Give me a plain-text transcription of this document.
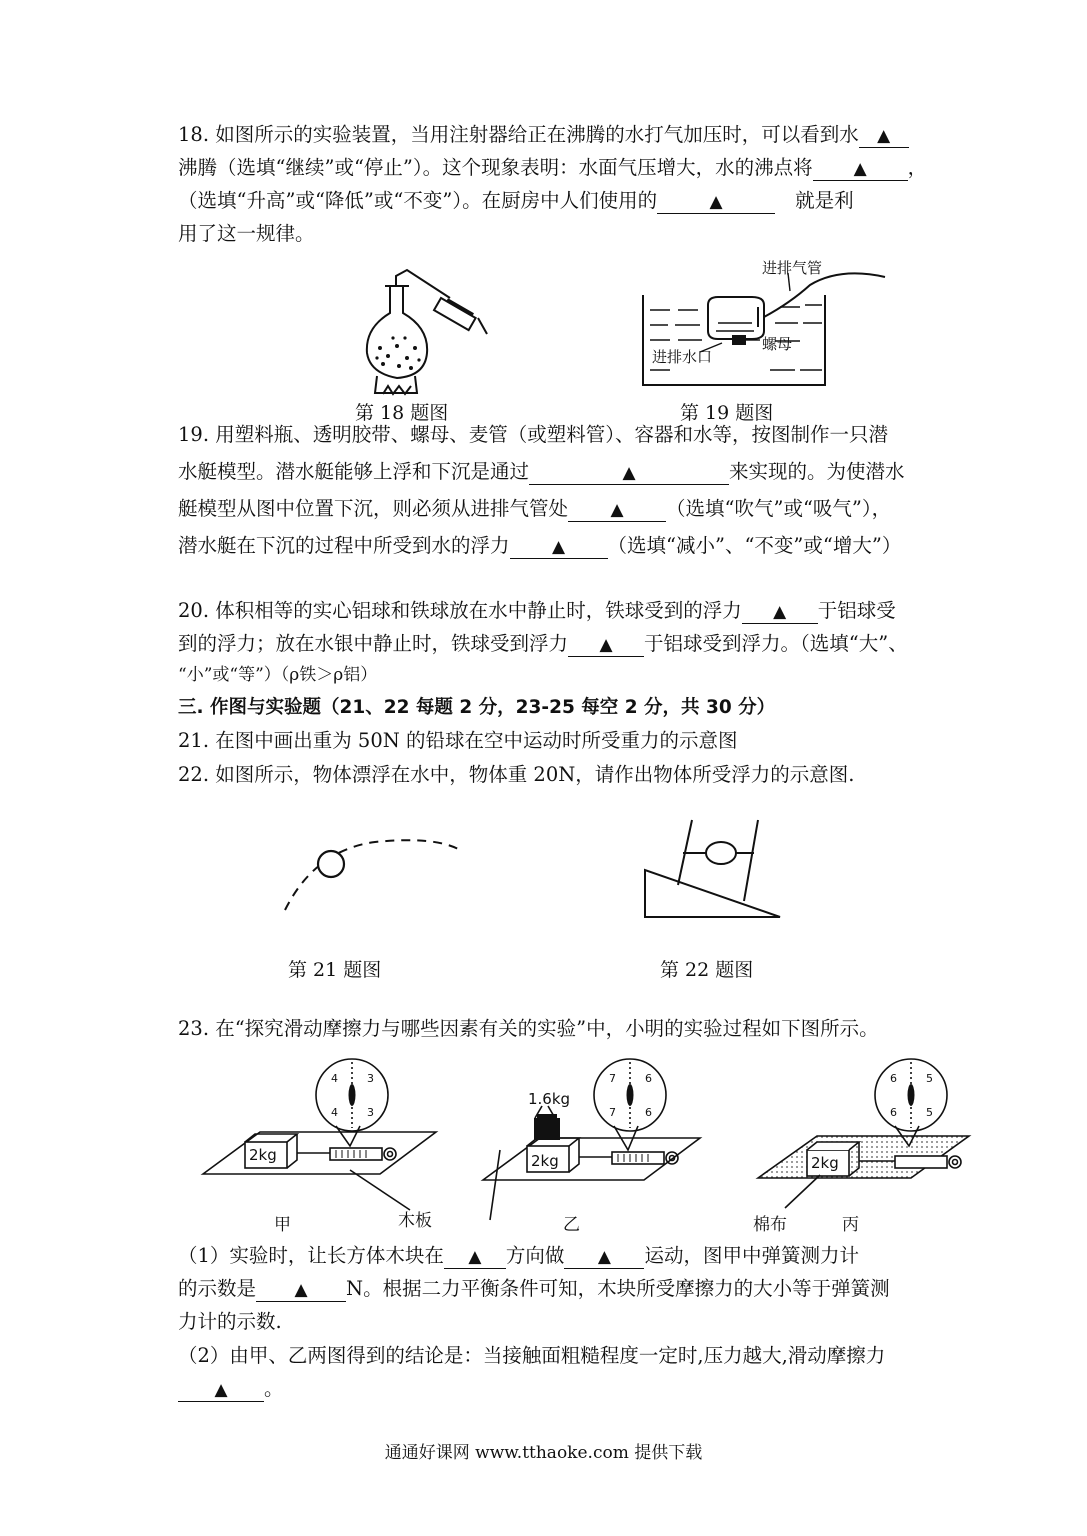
18. 如图所示的实验装置，当用注射器给正在沸腾的水打气加压时，可以看到水 ▲
沸腾（选填“继续”或“停止”）。这个现象表明：水面气压增大，水的沸点将 ▲ ，
（选填“升高”或“降低”或“不变”）。在厨房中人们使用的	▲	就是利
用了这一规律。
第 18 题图
进排气管
进排水口
螺母
第 19 题图
19. 用塑料瓶、透明胶带、螺母、麦管（或塑料管）、容器和水等，按图制作一只潜
水艇模型。潜水艇能够上浮和下沉是通过	▲	来实现的。为使潜水
艇模型从图中位置下沉，则必须从进排气管处 ▲ （选填“吹气”或“吸气”），
潜水艇在下沉的过程中所受到水的浮力 ▲ （选填“减小”、“不变”或“增大”）
20. 体积相等的实心铝球和铁球放在水中静止时，铁球受到的浮力 ▲ 于铝球受
到的浮力；放在水银中静止时，铁球受到浮力 ▲ 于铝球受到浮力。（选填“大”、
“小”或“等”）（ρ铁＞ρ铝）
三. 作图与实验题（21、22 每题 2 分，23-25 每空 2 分，共 30 分）
21. 在图中画出重为 50N 的铅球在空中运动时所受重力的示意图
22. 如图所示，物体漂浮在水中，物体重 20N，请作出物体所受浮力的示意图.
第 21 题图	第 22 题图
23. 在“探究滑动摩擦力与哪些因素有关的实验”中，小明的实验过程如下图所示。
4	3
4	3
2kg
7	6
7	6
1.6kg
2kg
6	5
6	5
2kg
甲	木板	乙	棉布	丙
（1）实验时，让长方体木块在 ▲ 方向做 ▲ 运动，图甲中弹簧测力计
的示数是 ▲ N。根据二力平衡条件可知，木块所受摩擦力的大小等于弹簧测
力计的示数.
（2）由甲、乙两图得到的结论是：当接触面粗糙程度一定时,压力越大,滑动摩擦力
▲ 。
通通好课网 www.tthaoke.com 提供下载
